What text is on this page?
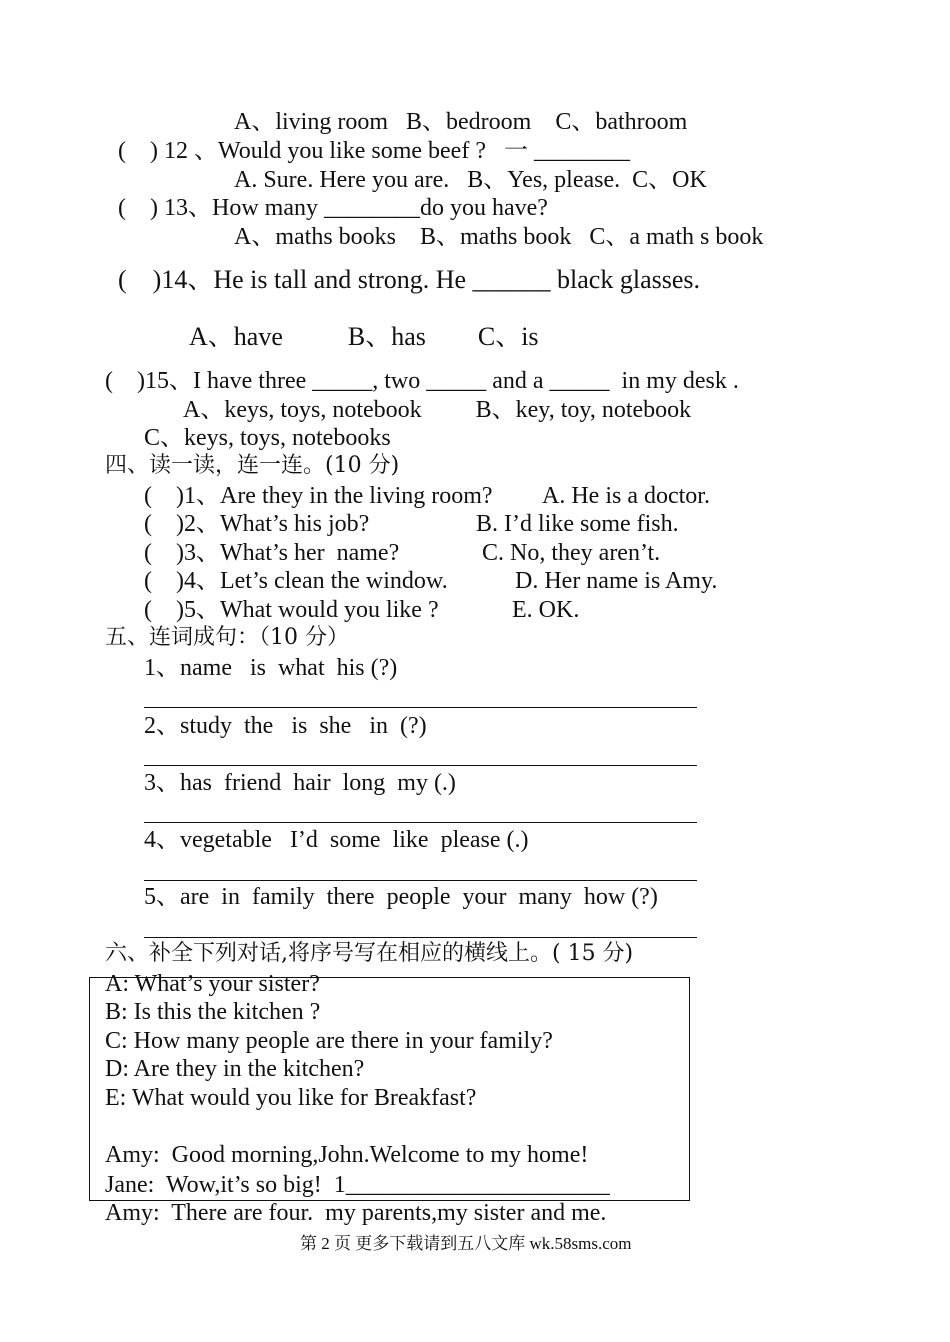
A、living room   B、bedroom    C、bathroom
(    ) 12 、Would you like some beef ?   一 ________
A. Sure. Here you are.   B、Yes, please.  C、OK
(    ) 13、How many ________do you have?
A、maths books    B、maths book   C、a math s book
(    )14、He is tall and strong. He ______ black glasses.
A、have          B、has        C、is
(    )15、I have three _____, two _____ and a _____  in my desk .
A、keys, toys, notebook         B、key, toy, notebook
C、keys, toys, notebooks
四、读一读，连一连。(10 分)
(    )1、Are they in the living room? A. He is a doctor.
(    )2、What’s his job?	B. I’d like some fish.
(    )3、What’s her  name?	C. No, they aren’t.
(    )4、Let’s clean the window.	D. Her name is Amy.
(    )5、What would you like ?	E. OK.
五、连词成句：（10 分）
1、name   is  what  his (?)
2、study  the   is  she   in  (?)
3、has  friend  hair  long  my (.)
4、vegetable   I’d  some  like  please (.)
5、are  in  family  there  people  your  many  how (?)
六、补全下列对话,将序号写在相应的横线上。( 15 分)
A: What’s your sister?
B: Is this the kitchen ?
C: How many people are there in your family?
D: Are they in the kitchen?
E: What would you like for Breakfast?
Amy:  Good morning,John.Welcome to my home!
Jane:  Wow,it’s so big!  1______________________
Amy:  There are four.  my parents,my sister and me.
第 2 页 更多下载请到五八文库 wk.58sms.com
